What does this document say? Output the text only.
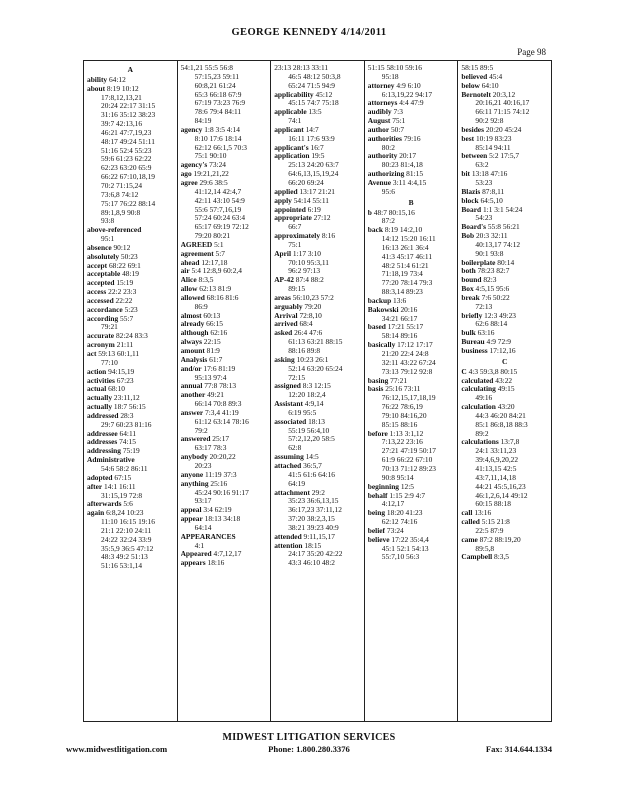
GEORGE KENNEDY 4/14/2011
Page 98
A
ability 64:12
about 8:19 10:12
17:8,12,13,21
20:24 22:17 31:15
31:16 35:12 38:23
39:7 42:13,16
46:21 47:7,19,23
48:17 49:24 51:11
51:16 52:4 55:23
59:6 61:23 62:22
62:23 63:20 65:9
66:22 67:10,18,19
70:2 71:15,24
73:6,8 74:12
75:17 76:22 88:14
89:1,8,9 90:8
93:8
above-referenced
95:1
absence 90:12
absolutely 50:23
accept 68:22 69:1
acceptable 48:19
accepted 15:19
access 22:2 23:3
accessed 22:22
accordance 5:23
according 55:7
79:21
accurate 82:24 83:3
acronym 21:11
act 59:13 60:1,11
77:10
action 94:15,19
activities 67:23
actual 68:10
actually 23:11,12
actually 18:7 56:15
addressed 28:3
29:7 60:23 81:16
addressee 64:11
addresses 74:15
addressing 75:19
Administrative
54:6 58:2 86:11
adopted 67:15
after 14:1 16:11
31:15,19 72:8
afterwards 5:6
again 6:8,24 10:23
11:10 16:15 19:16
21:1 22:10 24:11
24:22 32:24 33:9
35:5,9 36:5 47:12
48:3 49:2 51:13
51:16 53:1,14
54:1,21 55:5 56:8
57:15,23 59:11
60:8,21 61:24
65:3 66:18 67:9
67:19 73:23 76:9
78:6 79:4 84:11
84:19
agency 1:8 3:5 4:14
8:10 17:6 18:14
62:12 66:1,5 70:3
75:1 90:10
agency's 73:24
ago 19:21,21,22
agree 29:6 38:5
41:12,14 42:4,7
42:11 43:10 54:9
55:6 57:7,16,19
57:24 60:24 63:4
65:17 69:19 72:12
79:20 80:21
AGREED 5:1
agreement 5:7
ahead 12:17,18
air 5:4 12:8,9 60:2,4
Alice 8:3,5
allow 62:13 81:9
allowed 68:16 81:6
86:9
almost 60:13
already 66:15
although 62:16
always 22:15
amount 81:9
Analysis 61:7
and/or 17:6 81:19
95:13 97:4
annual 77:8 78:13
another 49:21
66:14 70:8 89:3
answer 7:3,4 41:19
61:12 63:14 78:16
79:2
answered 25:17
63:17 78:3
anybody 20:20,22
20:23
anyone 11:19 37:3
anything 25:16
45:24 90:16 91:17
93:17
appeal 3:4 62:19
appear 18:13 34:18
64:14
APPEARANCES
4:1
Appeared 4:7,12,17
appears 18:16
23:13 28:13 33:11
46:5 48:12 50:3,8
65:24 71:5 94:9
applicability 45:12
45:15 74:7 75:18
applicable 13:5
74:1
applicant 14:7
16:11 17:6 93:9
applicant's 16:7
application 19:5
25:13 24:20 63:7
64:6,13,15,19,24
66:20 69:24
applied 13:17 21:21
apply 54:14 55:11
appointed 6:19
appropriate 27:12
66:7
approximately 8:16
75:1
April 1:17 3:10
70:10 95:3,11
96:2 97:13
AP-42 87:4 88:2
89:15
areas 56:10,23 57:2
arguably 79:20
Arrival 72:8,10
arrived 68:4
asked 26:4 47:6
61:13 63:21 88:15
88:16 89:8
asking 10:23 26:1
52:14 63:20 65:24
72:15
assigned 8:3 12:15
12:20 18:2,4
Assistant 4:9,14
6:19 95:5
associated 18:13
55:19 56:4,10
57:2,12,20 58:5
62:8
assuming 14:5
attached 36:5,7
41:5 61:6 64:16
64:19
attachment 29:2
35:23 36:6,13,15
36:17,23 37:11,12
37:20 38:2,3,15
38:21 39:23 40:9
attended 9:11,15,17
attention 18:15
24:17 35:20 42:22
43:3 46:10 48:2
51:15 58:10 59:16
95:18
attorney 4:9 6:10
6:13,19,22 94:17
attorneys 4:4 47:9
audibly 7:3
August 75:1
author 50:7
authorities 79:16
80:2
authority 20:17
80:23 81:4,18
authorizing 81:15
Avenue 3:11 4:4,15
95:6
B
b 48:7 80:15,16
87:2
back 8:19 14:2,10
14:12 15:20 16:11
16:13 26:1 36:4
41:3 45:17 46:11
48:2 51:4 61:21
71:18,19 73:4
77:20 78:14 79:3
88:3,14 89:23
backup 13:6
Bakowski 20:16
34:21 66:17
based 17:21 55:17
58:14 89:16
basically 17:12 17:17
21:20 22:4 24:8
32:11 43:22 67:24
73:13 79:12 92:8
basing 77:21
basis 25:16 73:11
76:12,15,17,18,19
76:22 78:6,19
79:10 84:16,20
85:15 88:16
before 1:13 3:1,12
7:13,22 23:16
27:21 47:19 50:17
61:9 66:22 67:10
70:13 71:12 89:23
90:8 95:14
beginning 12:5
behalf 1:15 2:9 4:7
4:12,17
being 18:20 41:23
62:12 74:16
belief 73:24
believe 17:22 35:4,4
45:1 52:1 54:13
55:7,10 56:3
58:15 89:5
believed 45:4
below 64:10
Bernotelt 20:3,12
20:16,21 40:16,17
66:11 71:15 74:12
90:2 92:8
besides 20:20 45:24
best 10:19 83:23
85:14 94:11
between 5:2 17:5,7
63:2
bit 13:18 47:16
53:23
Blazis 87:8,11
block 64:5,10
Board 1:1 3:1 54:24
54:23
Board's 55:8 56:21
Bob 20:3 32:11
40:13,17 74:12
90:1 93:8
boilerplate 80:14
both 78:23 82:7
bound 82:3
Box 4:5,15 95:6
break 7:6 50:22
72:13
briefly 12:3 49:23
62:6 88:14
bulk 63:16
Bureau 4:9 72:9
business 17:12,16
C
C 4:3 59:3,8 80:15
calculated 43:22
calculating 49:15
49:16
calculation 43:20
44:3 46:20 84:21
85:1 86:8,18 88:3
89:2
calculations 13:7,8
24:1 33:11,23
39:4,6,9,20,22
41:13,15 42:5
43:7,11,14,18
44:21 45:5,16,23
46:1,2,6,14 49:12
60:15 88:18
call 13:16
called 5:15 21:8
22:5 87:9
came 87:2 88:19,20
89:5,8
Campbell 8:3,5
MIDWEST LITIGATION SERVICES
www.midwestlitigation.com	Phone: 1.800.280.3376	Fax: 314.644.1334
